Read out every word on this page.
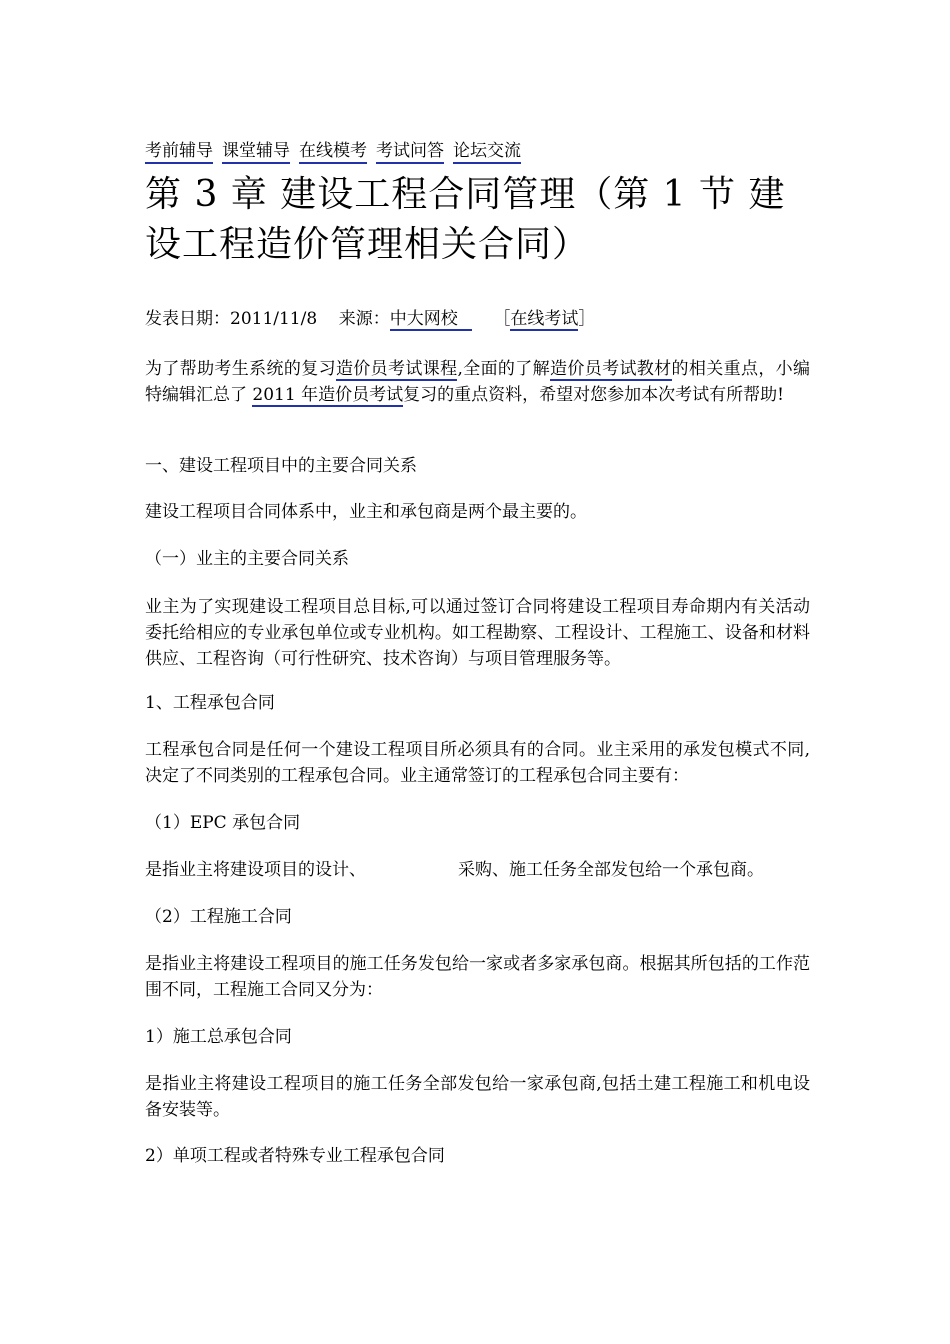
考前辅导 课堂辅导 在线模考 考试问答 论坛交流
第 3 章 建设工程合同管理（第 1 节 建设工程造价管理相关合同）
发表日期：2011/11/8 来源：中大网校 ［在线考试］

为了帮助考生系统的复习造价员考试课程,全面的了解造价员考试教材的相关重点，小编特编辑汇总了 2011 年造价员考试复习的重点资料，希望对您参加本次考试有所帮助!

一、建设工程项目中的主要合同关系

建设工程项目合同体系中，业主和承包商是两个最主要的。

（一）业主的主要合同关系

业主为了实现建设工程项目总目标,可以通过签订合同将建设工程项目寿命期内有关活动委托给相应的专业承包单位或专业机构。如工程勘察、工程设计、工程施工、设备和材料供应、工程咨询（可行性研究、技术咨询）与项目管理服务等。

1、工程承包合同

工程承包合同是任何一个建设工程项目所必须具有的合同。业主采用的承发包模式不同,决定了不同类别的工程承包合同。业主通常签订的工程承包合同主要有：

（1）EPC 承包合同

是指业主将建设项目的设计、	采购、施工任务全部发包给一个承包商。

（2）工程施工合同

是指业主将建设工程项目的施工任务发包给一家或者多家承包商。根据其所包括的工作范围不同，工程施工合同又分为：

1）施工总承包合同

是指业主将建设工程项目的施工任务全部发包给一家承包商,包括土建工程施工和机电设备安装等。

2）单项工程或者特殊专业工程承包合同
